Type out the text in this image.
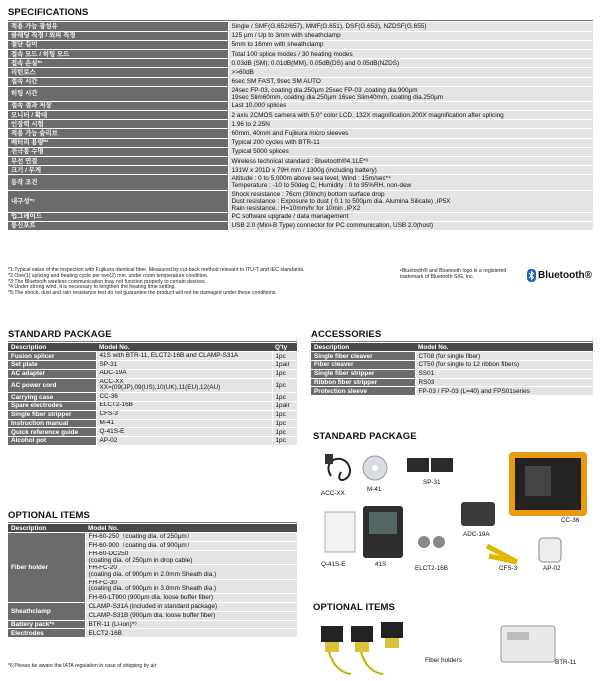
SPECIFICATIONS
적용 가능 광섬유	Single / SMF(G.652/657), MMF(G.651), DSF(G.653), NZDSF(G.655)

클래딩 직경 / 외피 직경	125 µm / Up to 3mm with sheathclamp

절단 길이	5mm to 16mm with sheathclamp

접속 모드 / 히팅 모드	Total 100 splice modes / 30 heating modes

접속 손실*¹	0.03dB (SM); 0.01dB(MM), 0.05dB(DS) and 0.05dB(NZDS)

리턴로스	>>60dB

접속 시간	6sec SM FAST, 9sec SM AUTO

히팅 시간	24sec FP-03, coating dia.250µm 25sec FP-03 ,coating dia.900µm
19sec Slim60mm, coating dia.250µm 16sec Slim40mm, coating dia.250µm

접속 결과 저장	Last 10,000 splices

모니터 / 확대	2 axis 2CMOS camera with 5.0" color LCD. 132X magnification.200X magnification after splicing

인장력 시험	1.96 to 2.25N

적용 가능 슬리브	60mm, 40mm and Fujikura micro sleeves

배터리 용량*²	Typical 200 cycles with BTR-11

전극봉 수명	Typical 5000 splices

무선 연결	Wireless technical standard : Bluetooth®4.1LE*³

크기 / 무게	131W x 201D x 79H mm / 1300g (including battery)

동작 조건	Altitude : 0 to 5,000m above sea level, Wind : 15m/sec*⁴
Temperature : -10 to 50deg C, Humidity : 0 to 95%RH, non-dew

내구성*⁵	Shock resistance : 76cm (30inch) bottom surface drop
Dust resistance : Exposure to dust ( 0.1 to 500µm dia. Alumina Silicate) ,IP5X
Rain resistance.: H=10mm/hr for 10min ,IPX2

업그레이드	PC software upgrade / data management

통신포트	USB 2.0 (Mini-B Type) connector for PC communication, USB 2.0(host)
*1:Typical value of the inspection with Fujikura identical fiber. Measured by cut-back method relevant to ITU-T and IEC standards.
*2:One(1) splicing and heating cycle per two(2) min. under room temperature condition.
*3:The Bluetooth wireless communication may not function properly to certain devices.
*4:Under strong wind, it is necessary to lengthen the heating time setting.
*5:The shock, dust and rain resistance test do not guarantee the product will not be damaged under these conditions.
•Bluetooth® and Bluetooth logo is a registered
trademark of Bluetooth SIG, Inc.	Bluetooth®
STANDARD PACKAGE
Description	Model No.	Q'ty
Fusion splicer	41S with BTR-11, ELCT2-16B and CLAMP-S31A	1pc
Set plate	SP-31	1pair
AC adapter	ADC-19A	1pc
AC power cord	ACC-XX
XX=(09(JP),09(US),10(UK),11(EU),12(AU)	1pc
Carrying case	CC-36	1pc
Spare electrodes	ELCT2-16B	1pair
Single fiber stripper	CFS-3	1pc
Instruction manual	M-41	1pc
Quick reference guide	Q-41S-E	1pc
Alcohol pot	AP-02	1pc
ACCESSORIES
Description	Model No.
Single fiber cleaver	CT08 (for single fiber)
Fiber cleaver	CT50 (for single to 12 ribbon fibers)
Single fiber stripper	SS01
Ribbon fiber stripper	RS03
Protection sleeve	FP-03 / FP-03 (L=40) and FPS01series
OPTIONAL ITEMS
Description	Model No.
Fiber holder	FH-60-250（coating dia. of 250µm）

	FH-60-900（coating dia. of 900µm）

	FH-60-DC250
(coating dia. of 250µm in drop cable)

	FH-FC-20
(coating dia. of 900µm in 2.0mm Sheath dia.)

	FH-FC-30
(coating dia. of 900µm in 3.0mm Sheath dia.)

	FH-60-LT900 (900µm dia. loose buffer fiber)

Sheathclamp	CLAMP-S31A (included in standard package)
	CLAMP-S31B (900µm dia. loose buffer fiber)
Battery pack*⁶	BTR-11 (Li-ion)*⁶
Electrodes	ELCT2-16B
*6:Please be aware the IATA regulation in case of shipping by air
STANDARD PACKAGE
ACC-XX
M-41
SP-31
CC-36
ADC-19A
Q-41S-E	41S
ELCT2-16B	CFS-3	AP-02
OPTIONAL ITEMS
Fiber holders	BTR-11
